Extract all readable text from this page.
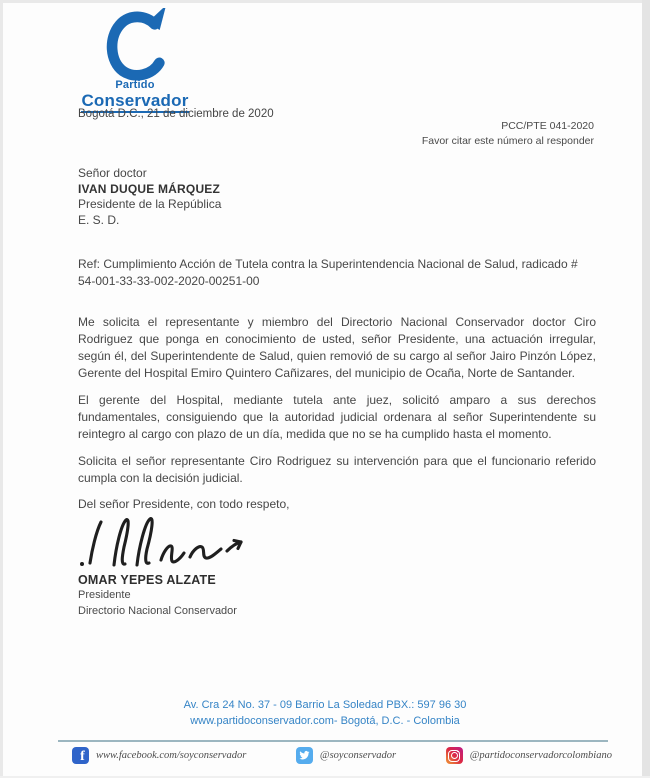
Partido
Conservador
Bogotá D.C., 21 de diciembre de 2020
PCC/PTE 041-2020
Favor citar este número al responder
Señor doctor
IVAN DUQUE MÁRQUEZ
Presidente de la República
E. S. D.
Ref: Cumplimiento Acción de Tutela contra la Superintendencia Nacional de Salud, radicado # 54-001-33-33-002-2020-00251-00

Me solicita el representante y miembro del Directorio Nacional Conservador doctor Ciro Rodriguez que ponga en conocimiento de usted, señor Presidente, una actuación irregular, según él, del Superintendente de Salud, quien removió de su cargo al señor Jairo Pinzón López, Gerente del Hospital Emiro Quintero Cañizares, del municipio de Ocaña, Norte de Santander.

El gerente del Hospital, mediante tutela ante juez, solicitó amparo a sus derechos fundamentales, consiguiendo que la autoridad judicial ordenara al señor Superintendente su reintegro al cargo con plazo de un día, medida que no se ha cumplido hasta el momento.

Solicita el señor representante Ciro Rodriguez su intervención para que el funcionario referido cumpla con la decisión judicial.

Del señor Presidente, con todo respeto,
OMAR YEPES ALZATE
Presidente
Directorio Nacional Conservador
Av. Cra 24 No. 37 - 09 Barrio La Soledad PBX.: 597 96 30
www.partidoconservador.com- Bogotá, D.C. - Colombia
f	www.facebook.com/soyconservador	@soyconservador	@partidoconservadorcolombiano
